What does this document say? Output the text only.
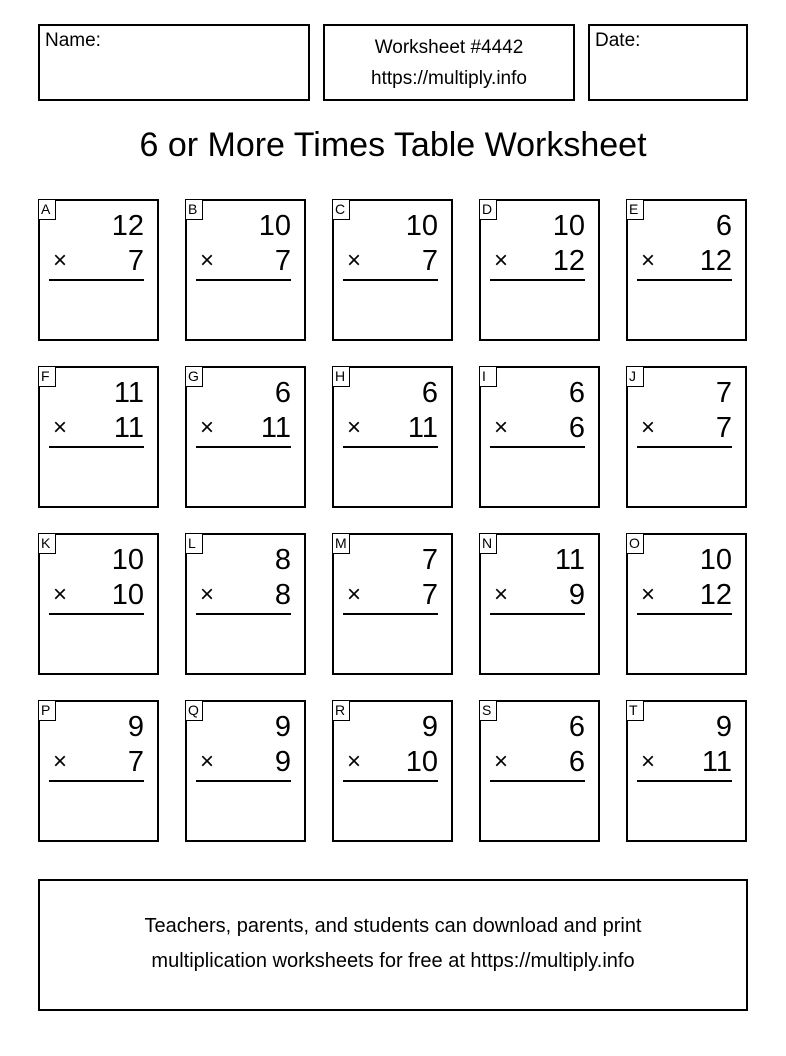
Name:	Worksheet #4442
https://multiply.info
Date:
6 or More Times Table Worksheet
A
12
× 7
B
10
× 7
C
10
× 7
D
10
× 12
E
6
× 12
F
11
× 11
G
6
× 11
H
6
× 11
I
6
× 6
J
7
× 7
K
10
× 10
L
8
× 8
M
7
× 7
N
11
× 9
O
10
× 12
P
9
× 7
Q
9
× 9
R
9
× 10
S
6
× 6
T
9
× 11
Teachers, parents, and students can download and print
multiplication worksheets for free at https://multiply.info
